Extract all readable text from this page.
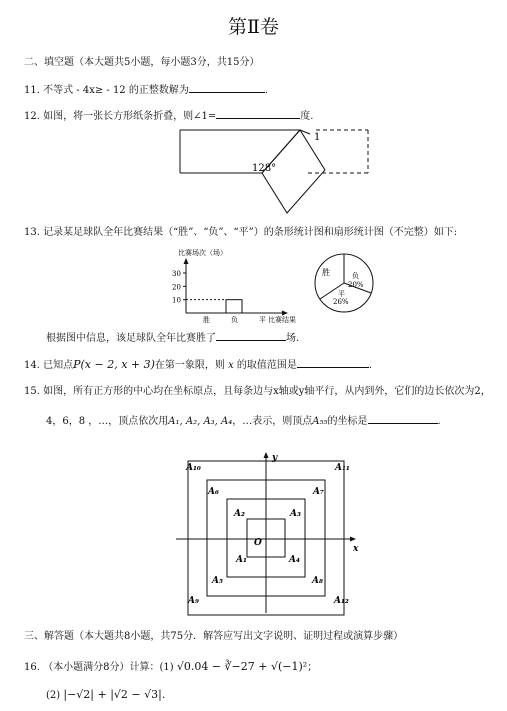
第Ⅱ卷
二、填空题（本大题共5小题，每小题3分，共15分）
11. 不等式 - 4x≥ - 12 的正整数解为	.
12. 如图，将一张长方形纸条折叠，则∠1=	度.
128°
1
13. 记录某足球队全年比赛结果（“胜”、“负”、“平”）的条形统计图和扇形统计图（不完整）如下:
比赛场次（场）
30
20
10
胜	负	平 比赛结果
胜	负
20%
平
26%
根据图中信息，该足球队全年比赛胜了	场.
14. 已知点P(x − 2, x + 3)在第一象限，则 x 的取值范围是	.
15. 如图，所有正方形的中心均在坐标原点，且每条边与x轴或y轴平行，从内到外，它们的边长依次为2，
4，6，8 ，…，顶点依次用A₁, A₂, A₃, A₄，…表示，则顶点A₅₅的坐标是	.
y
x
O
A₁
A₂	A₃
A₄
A₅
A₆	A₇
A₈
A₉
A₁₀	A₁₁
A₁₂
三、解答题（本大题共8小题，共75分．解答应写出文字说明、证明过程或演算步骤）
16. （本小题满分8分）计算：(1) √0.04 − ∛−27 + √(−1)²；
(2) |−√2| + |√2 − √3|.
